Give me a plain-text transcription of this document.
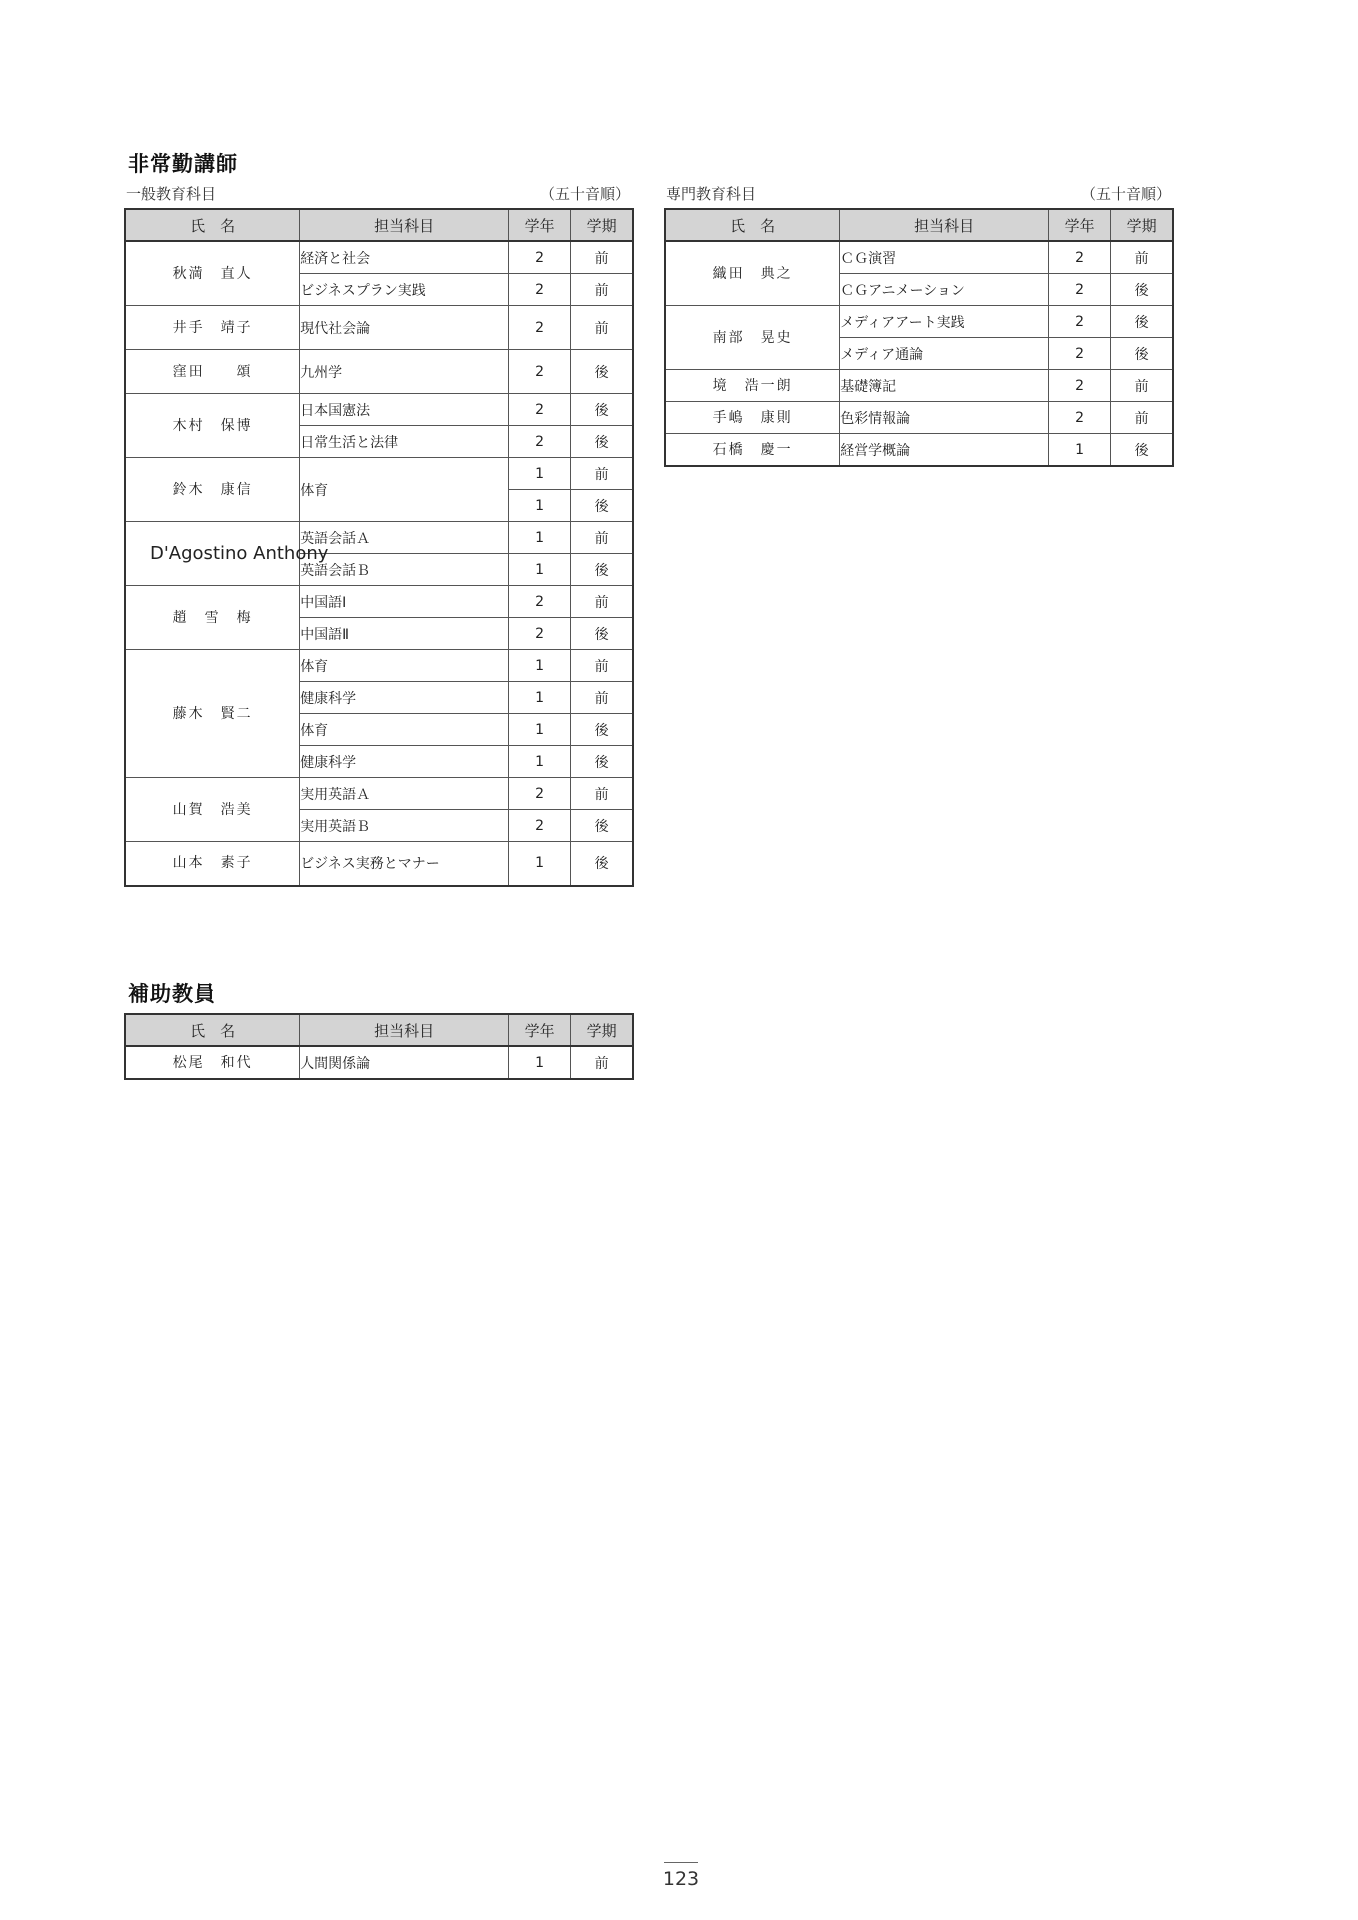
非常勤講師
一般教育科目	（五十音順）
氏　名	担当科目	学年	学期
秋満　直人	経済と社会	2	前
	ビジネスプラン実践	2	前
井手　靖子	現代社会論	2	前
窪田　　頌	九州学	2	後
木村　保博	日本国憲法	2	後
	日常生活と法律	2	後
鈴木　康信	体育	1	前
		1	後
D'Agostino Anthony	英語会話Ａ	1	前
	英語会話Ｂ	1	後
趙　雪　梅	中国語Ⅰ	2	前
	中国語Ⅱ	2	後
藤木　賢二	体育	1	前
	健康科学	1	前
	体育	1	後
	健康科学	1	後
山賀　浩美	実用英語Ａ	2	前
	実用英語Ｂ	2	後
山本　素子	ビジネス実務とマナー	1	後
専門教育科目	（五十音順）
氏　名	担当科目	学年	学期
織田　典之	ＣＧ演習	2	前
	ＣＧアニメーション	2	後
南部　晃史	メディアアート実践	2	後
	メディア通論	2	後
境　浩一朗	基礎簿記	2	前
手嶋　康則	色彩情報論	2	前
石橋　慶一	経営学概論	1	後
補助教員
氏　名	担当科目	学年	学期
松尾　和代	人間関係論	1	前
123
